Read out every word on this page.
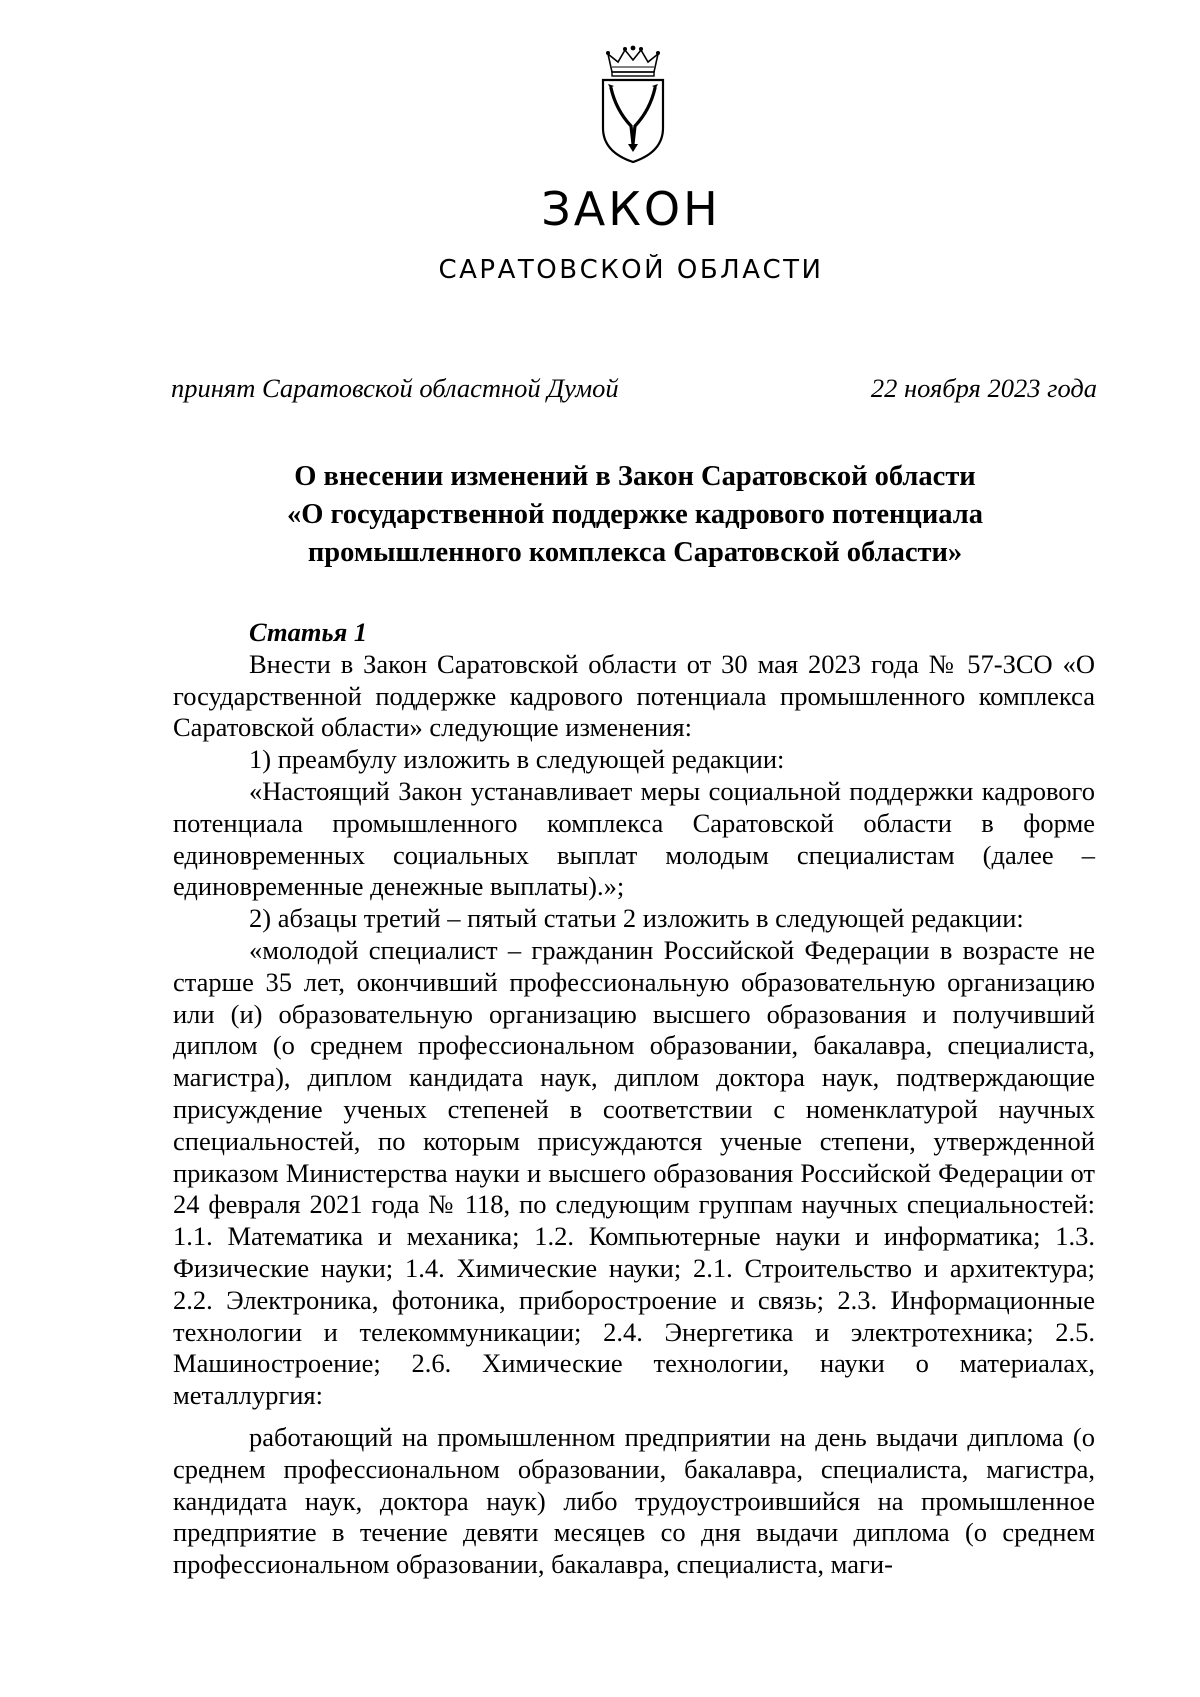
ЗАКОН
САРАТОВСКОЙ ОБЛАСТИ
принят Саратовской областной Думой	22 ноября 2023 года
О внесении изменений в Закон Саратовской области
«О государственной поддержке кадрового потенциала
промышленного комплекса Саратовской области»
Статья 1

Внести в Закон Саратовской области от 30 мая 2023 года № 57-ЗСО «О государственной поддержке кадрового потенциала промышленного комплекса Саратовской области» следующие изменения:

1) преамбулу изложить в следующей редакции:

«Настоящий Закон устанавливает меры социальной поддержки кадрового потенциала промышленного комплекса Саратовской области в форме единовременных социальных выплат молодым специалистам (далее – единовременные денежные выплаты).»;

2) абзацы третий – пятый статьи 2 изложить в следующей редакции:

«молодой специалист – гражданин Российской Федерации в возрасте не старше 35 лет, окончивший профессиональную образовательную организацию или (и) образовательную организацию высшего образования и получивший диплом (о среднем профессиональном образовании, бакалавра, специалиста, магистра), диплом кандидата наук, диплом доктора наук, подтверждающие присуждение ученых степеней в соответствии с номенклатурой научных специальностей, по которым присуждаются ученые степени, утвержденной приказом Министерства науки и высшего образования Российской Федерации от 24 февраля 2021 года № 118, по следующим группам научных специальностей: 1.1. Математика и механика; 1.2. Компьютерные науки и информатика; 1.3. Физические науки; 1.4. Химические науки; 2.1. Строительство и архитектура; 2.2. Электроника, фотоника, приборостроение и связь; 2.3. Информационные технологии и телекоммуникации; 2.4. Энергетика и электротехника; 2.5. Машиностроение; 2.6. Химические технологии, науки о материалах, металлургия:

работающий на промышленном предприятии на день выдачи диплома (о среднем профессиональном образовании, бакалавра, специалиста, магистра, кандидата наук, доктора наук) либо трудоустроившийся на промышленное предприятие в течение девяти месяцев со дня выдачи диплома (о среднем профессиональном образовании, бакалавра, специалиста, маги-
